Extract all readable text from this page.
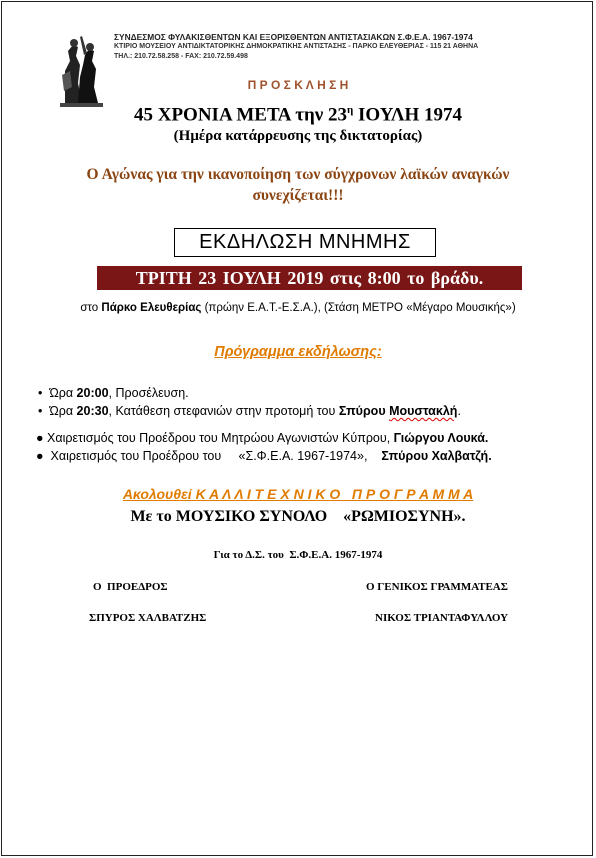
ΣΥΝΔΕΣΜΟΣ ΦΥΛΑΚΙΣΘΕΝΤΩΝ ΚΑΙ ΕΞΟΡΙΣΘΕΝΤΩΝ ΑΝΤΙΣΤΑΣΙΑΚΩΝ Σ.Φ.Ε.Α. 1967-1974
ΚΤΙΡΙΟ ΜΟΥΣΕΙΟΥ ΑΝΤΙΔΙΚΤΑΤΟΡΙΚΗΣ ΔΗΜΟΚΡΑΤΙΚΗΣ ΑΝΤΙΣΤΑΣΗΣ - ΠΑΡΚΟ ΕΛΕΥΘΕΡΙΑΣ - 115 21 ΑΘΗΝΑ
ΤΗΛ.: 210.72.58.258 - FAX: 210.72.59.498
Π Ρ Ο Σ Κ Λ Η Σ Η
45 ΧΡΟΝΙΑ ΜΕΤΑ την $23^\eta$ ΙΟΥΛΗ 1974
(Ημέρα κατάρρευσης της δικτατορίας)
Ο Αγώνας για την ικανοποίηση των σύγχρονων λαϊκών αναγκών
συνεχίζεται!!!
ΕΚΔΗΛΩΣΗ ΜΝΗΜΗΣ
ΤΡΙΤΗ 23 ΙΟΥΛΗ 2019 στις 8:00 το βράδυ.
στο Πάρκο Ελευθερίας (πρώην Ε.Α.Τ.-Ε.Σ.Α.), (Στάση ΜΕΤΡΟ «Μέγαρο Μουσικής»)
Πρόγραμμα εκδήλωσης:
•  Ώρα 20:00, Προσέλευση.
•  Ώρα 20:30, Κατάθεση στεφανιών στην προτομή του Σπύρου Μουστακλή.
● Χαιρετισμός του Προέδρου του Μητρώου Αγωνιστών Κύπρου, Γιώργου Λουκά.
●  Χαιρετισμός του Προέδρου του     «Σ.Φ.Ε.Α. 1967-1974»,    Σπύρου Χαλβατζή.
Ακολουθεί Κ Α Λ Λ Ι Τ Ε Χ Ν Ι Κ Ο   Π Ρ Ο Γ Ρ Α Μ Μ Α
Με το ΜΟΥΣΙΚΟ ΣΥΝΟΛΟ    «ΡΩΜΙΟΣΥΝΗ».
Για το Δ.Σ. του  Σ.Φ.Ε.Α. 1967-1974
Ο  ΠΡΟΕΔΡΟΣ	Ο ΓΕΝΙΚΟΣ ΓΡΑΜΜΑΤΕΑΣ
ΣΠΥΡΟΣ ΧΑΛΒΑΤΖΗΣ	ΝΙΚΟΣ ΤΡΙΑΝΤΑΦΥΛΛΟΥ
